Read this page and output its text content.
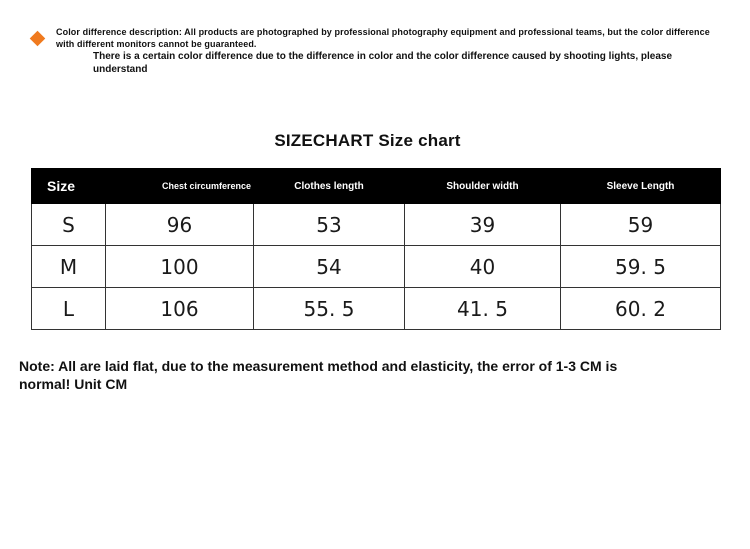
Color difference description: All products are photographed by professional photography equipment and professional teams, but the color difference with different monitors cannot be guaranteed.
There is a certain color difference due to the difference in color and the color difference caused by shooting lights, please understand
SIZECHART Size chart
Size	Chest circumference	Clothes length	Shoulder width	Sleeve Length
S	96	53	39	59
M	100	54	40	59. 5
L	106	55. 5	41. 5	60. 2
Note: All are laid flat, due to the measurement method and elasticity, the error of 1-3 CM is normal! Unit CM
